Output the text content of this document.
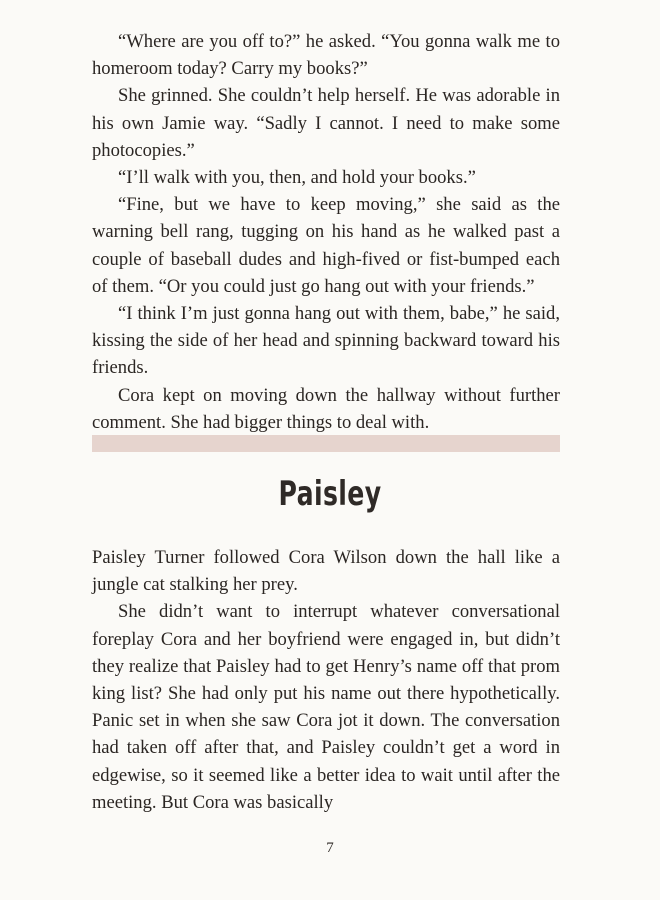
“Where are you off to?” he asked. “You gonna walk me to homeroom today? Carry my books?”

She grinned. She couldn’t help herself. He was adorable in his own Jamie way. “Sadly I cannot. I need to make some photocopies.”

“I’ll walk with you, then, and hold your books.”

“Fine, but we have to keep moving,” she said as the warning bell rang, tugging on his hand as he walked past a couple of baseball dudes and high-fived or fist-bumped each of them. “Or you could just go hang out with your friends.”

“I think I’m just gonna hang out with them, babe,” he said, kissing the side of her head and spinning backward toward his friends.

Cora kept on moving down the hallway without further comment. She had bigger things to deal with.

Paisley

Paisley Turner followed Cora Wilson down the hall like a jungle cat stalking her prey.

She didn’t want to interrupt whatever conversational foreplay Cora and her boyfriend were engaged in, but didn’t they realize that Paisley had to get Henry’s name off that prom king list? She had only put his name out there hypothetically. Panic set in when she saw Cora jot it down. The conversation had taken off after that, and Paisley couldn’t get a word in edgewise, so it seemed like a better idea to wait until after the meeting. But Cora was basically

7
